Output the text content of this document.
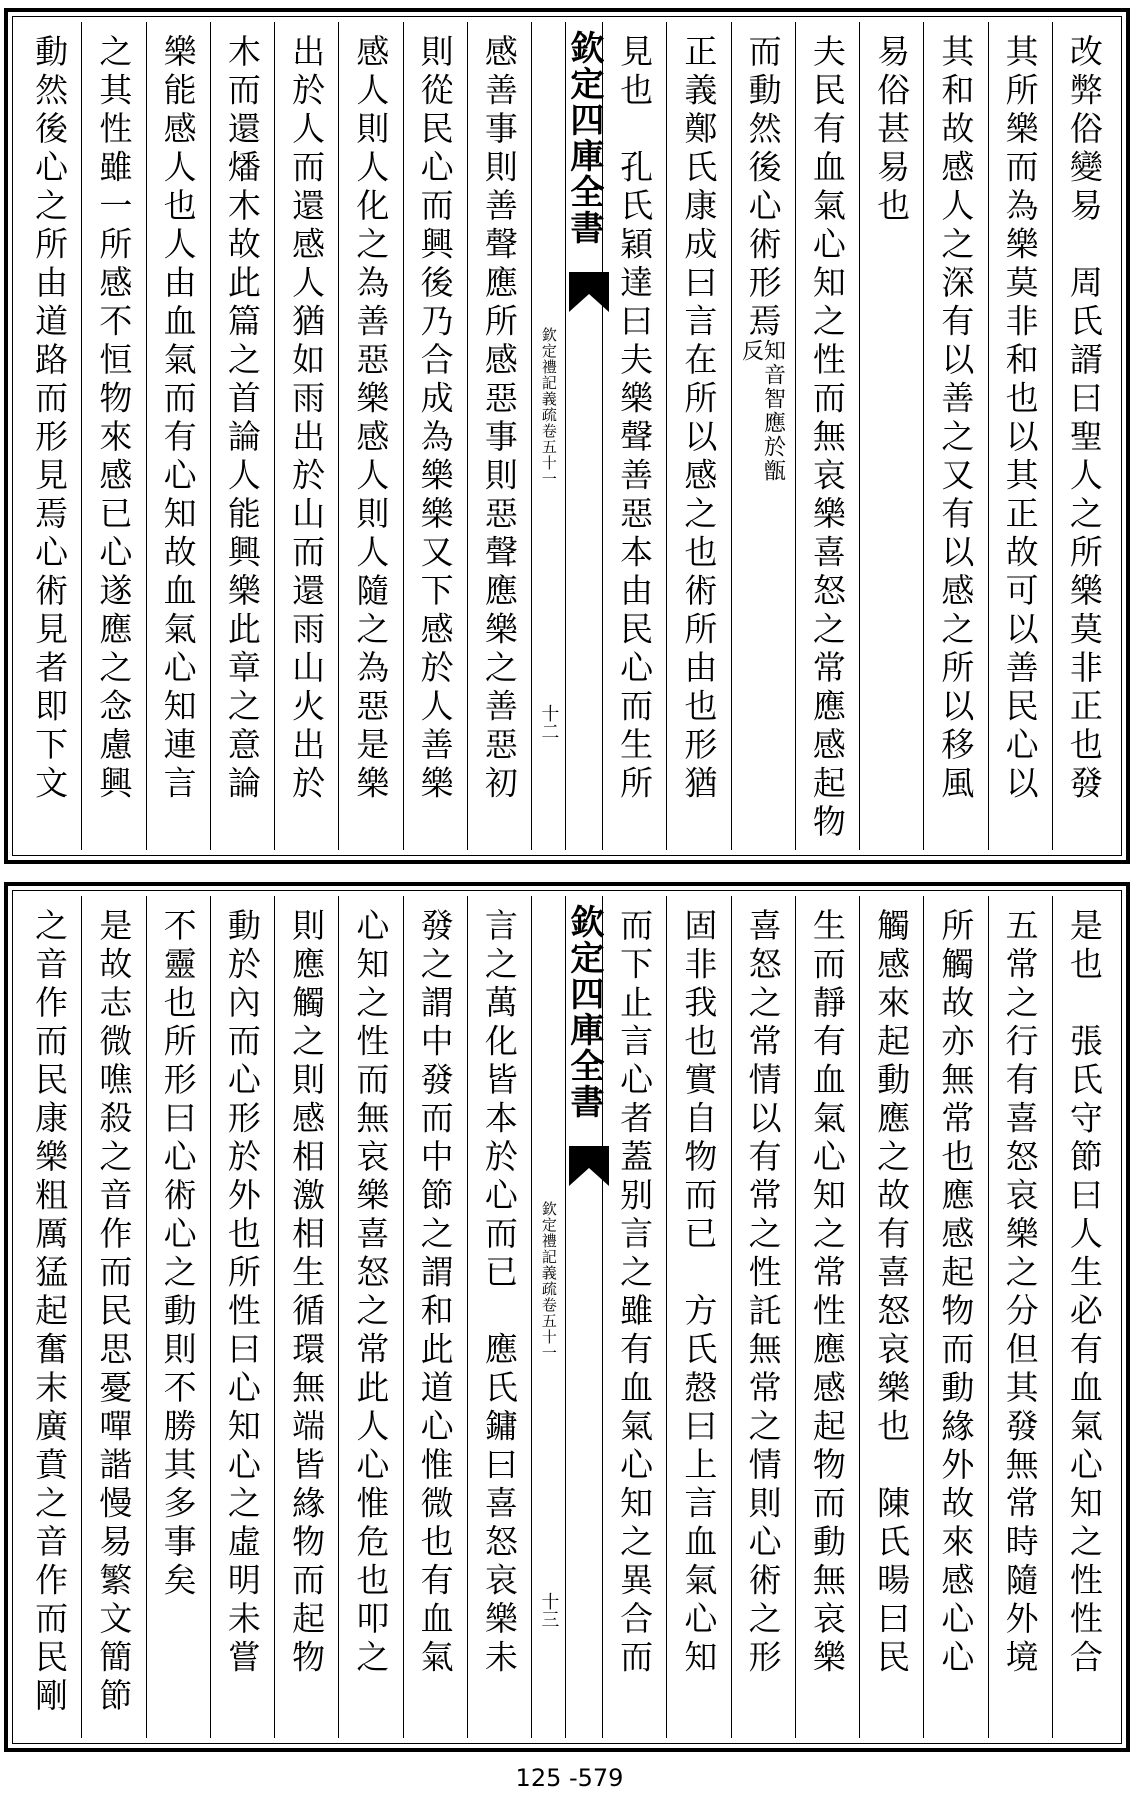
改弊俗變易　周氏諝曰聖人之所樂莫非正也發
其所樂而為樂莫非和也以其正故可以善民心以
其和故感人之深有以善之又有以感之所以移風
易俗甚易也
夫民有血氣心知之性而無哀樂喜怒之常應感起物
而動然後心術形焉
知音智應於甑反
正義鄭氏康成曰言在所以感之也術所由也形猶
見也　孔氏穎達曰夫樂聲善惡本由民心而生所
欽定禮記義疏卷五十一
十二
欽定四庫全書
感善事則善聲應所感惡事則惡聲應樂之善惡初
則從民心而興後乃合成為樂樂又下感於人善樂
感人則人化之為善惡樂感人則人隨之為惡是樂
出於人而還感人猶如雨出於山而還雨山火出於
木而還燔木故此篇之首論人能興樂此章之意論
樂能感人也人由血氣而有心知故血氣心知連言
之其性雖一所感不恒物來感已心遂應之念慮興
動然後心之所由道路而形見焉心術見者即下文
是也　張氏守節曰人生必有血氣心知之性性合
五常之行有喜怒哀樂之分但其發無常時隨外境
所觸故亦無常也應感起物而動緣外故來感心心
觸感來起動應之故有喜怒哀樂也　陳氏暘曰民
生而靜有血氣心知之常性應感起物而動無哀樂
喜怒之常情以有常之性託無常之情則心術之形
固非我也實自物而已　方氏慤曰上言血氣心知
而下止言心者蓋别言之雖有血氣心知之異合而
欽定禮記義疏卷五十一
十三
欽定四庫全書
言之萬化皆本於心而已　應氏鏞曰喜怒哀樂未
發之謂中發而中節之謂和此道心惟微也有血氣
心知之性而無哀樂喜怒之常此人心惟危也叩之
則應觸之則感相激相生循環無端皆緣物而起物
動於內而心形於外也所性曰心知心之虛明未嘗
不靈也所形曰心術心之動則不勝其多事矣
是故志微噍殺之音作而民思憂嘽諧慢易繁文簡節
之音作而民康樂粗厲猛起奮末廣賁之音作而民剛
125 -579
